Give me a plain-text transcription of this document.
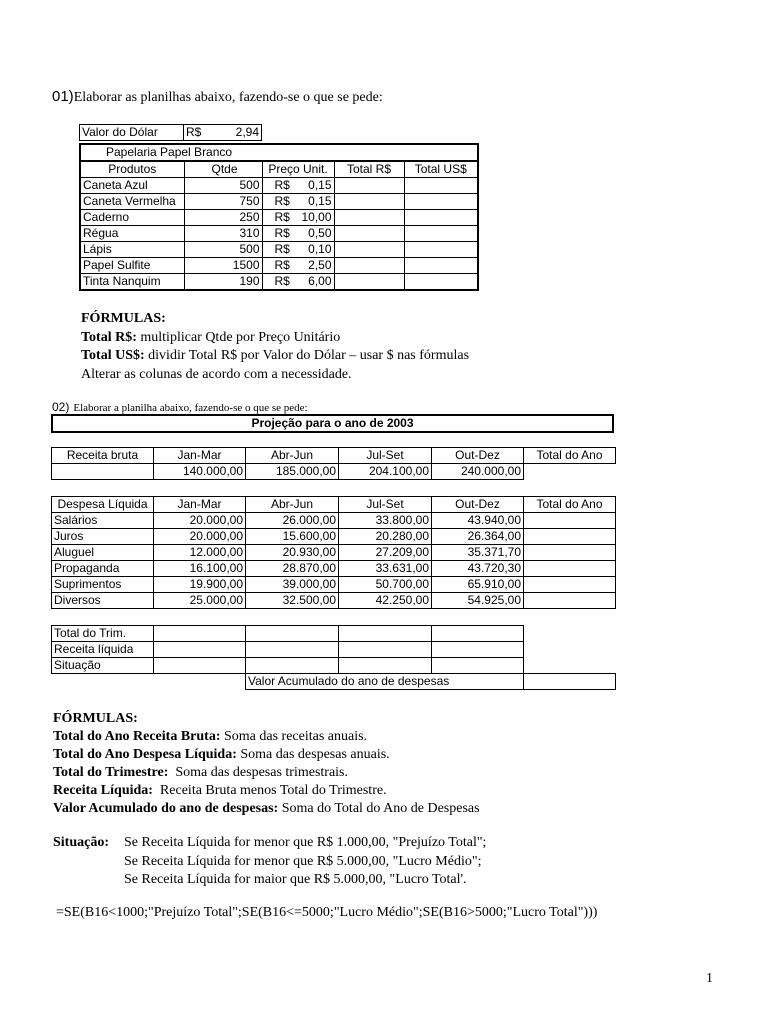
01)Elaborar as planilhas abaixo, fazendo-se o que se pede:
Valor do Dólar	R$	2,94
Papelaria Papel Branco				
Produtos	Qtde	Preço Unit.	Total R$	Total US$
Caneta Azul	500	R$ 0,15		
Caneta Vermelha	750	R$ 0,15		
Caderno	250	R$ 10,00		
Régua	310	R$ 0,50		
Lápis	500	R$ 0,10		
Papel Sulfite	1500	R$ 2,50		
Tinta Nanquim	190	R$ 6,00		

FÓRMULAS:

Total R$: multiplicar Qtde por Preço Unitário

Total US$: dividir Total R$ por Valor do Dólar – usar $ nas fórmulas

Alterar as colunas de acordo com a necessidade.

02) Elaborar a planilha abaixo, fazendo-se o que se pede:
Projeção para o ano de 2003
Receita bruta	Jan-Mar	Abr-Jun	Jul-Set	Out-Dez	Total do Ano
	140.000,00	185.000,00	204.100,00	240.000,00	
Despesa Líquida	Jan-Mar	Abr-Jun	Jul-Set	Out-Dez	Total do Ano
Salários	20.000,00	26.000,00	33.800,00	43.940,00	
Juros	20.000,00	15.600,00	20.280,00	26.364,00	
Aluguel	12.000,00	20.930,00	27.209,00	35.371,70	
Propaganda	16.100,00	28.870,00	33.631,00	43.720,30	
Suprimentos	19.900,00	39.000,00	50.700,00	65.910,00	
Diversos	25.000,00	32.500,00	42.250,00	54.925,00	
Total do Trim.					
Receita líquida					
Situação					
		Valor Acumulado do ano de despesas			

FÓRMULAS:

Total do Ano Receita Bruta: Soma das receitas anuais.

Total do Ano Despesa Líquida: Soma das despesas anuais.

Total do Trimestre:  Soma das despesas trimestrais.

Receita Líquida:  Receita Bruta menos Total do Trimestre.

Valor Acumulado do ano de despesas: Soma do Total do Ano de Despesas

Situação: Se Receita Líquida for menor que R$ 1.000,00, "Prejuízo Total";

Se Receita Líquida for menor que R$ 5.000,00, "Lucro Médio";

Se Receita Líquida for maior que R$ 5.000,00, "Lucro Total'.

=SE(B16<1000;"Prejuízo Total";SE(B16<=5000;"Lucro Médio";SE(B16>5000;"Lucro Total")))
1
